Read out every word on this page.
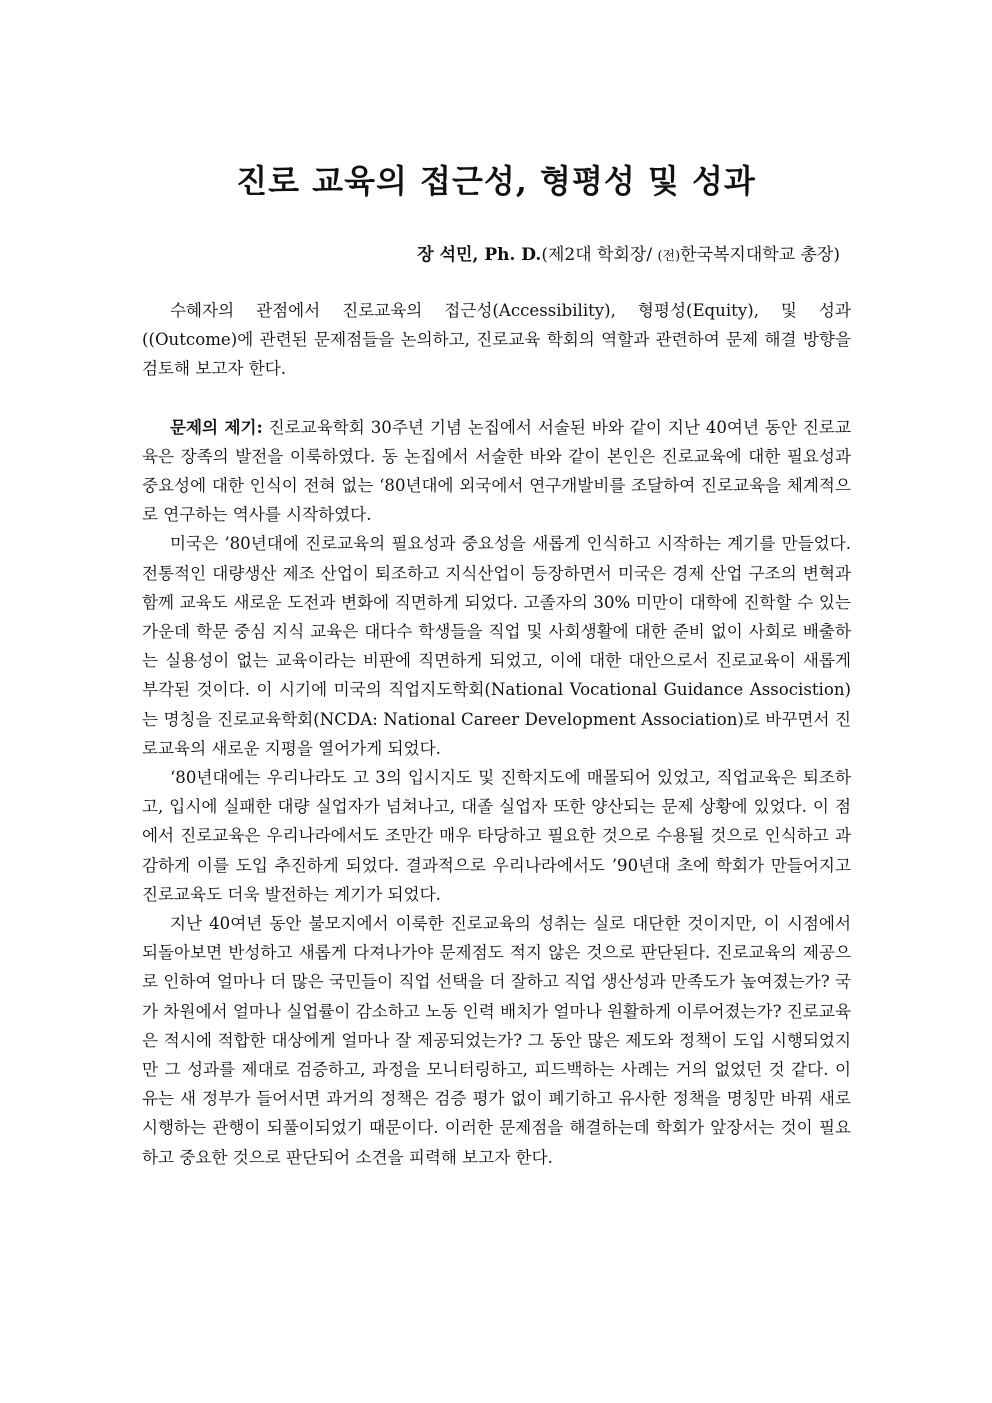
진로 교육의 접근성, 형평성 및 성과
장 석민, Ph. D.(제2대 학회장/ (전)한국복지대학교 총장)

수혜자의 관점에서 진로교육의 접근성(Accessibility), 형평성(Equity), 및 성과 ((Outcome)에 관련된 문제점들을 논의하고, 진로교육 학회의 역할과 관련하여 문제 해결 방향을 검토해 보고자 한다.

문제의 제기: 진로교육학회 30주년 기념 논집에서 서술된 바와 같이 지난 40여년 동안 진로교육은 장족의 발전을 이룩하였다. 동 논집에서 서술한 바와 같이 본인은 진로교육에 대한 필요성과 중요성에 대한 인식이 전혀 없는 ‘80년대에 외국에서 연구개발비를 조달하여 진로교육을 체계적으로 연구하는 역사를 시작하였다.

미국은 ’80년대에 진로교육의 필요성과 중요성을 새롭게 인식하고 시작하는 계기를 만들었다. 전통적인 대량생산 제조 산업이 퇴조하고 지식산업이 등장하면서 미국은 경제 산업 구조의 변혁과 함께 교육도 새로운 도전과 변화에 직면하게 되었다. 고졸자의 30% 미만이 대학에 진학할 수 있는 가운데 학문 중심 지식 교육은 대다수 학생들을 직업 및 사회생활에 대한 준비 없이 사회로 배출하는 실용성이 없는 교육이라는 비판에 직면하게 되었고, 이에 대한 대안으로서 진로교육이 새롭게 부각된 것이다. 이 시기에 미국의 직업지도학회(National Vocational Guidance Associstion)는 명칭을 진로교육학회(NCDA: National Career Development Association)로 바꾸면서 진로교육의 새로운 지평을 열어가게 되었다.

‘80년대에는 우리나라도 고 3의 입시지도 및 진학지도에 매몰되어 있었고, 직업교육은 퇴조하고, 입시에 실패한 대량 실업자가 넘쳐나고, 대졸 실업자 또한 양산되는 문제 상황에 있었다. 이 점에서 진로교육은 우리나라에서도 조만간 매우 타당하고 필요한 것으로 수용될 것으로 인식하고 과감하게 이를 도입 추진하게 되었다. 결과적으로 우리나라에서도 ’90년대 초에 학회가 만들어지고 진로교육도 더욱 발전하는 계기가 되었다.

지난 40여년 동안 불모지에서 이룩한 진로교육의 성취는 실로 대단한 것이지만, 이 시점에서 되돌아보면 반성하고 새롭게 다져나가야 문제점도 적지 않은 것으로 판단된다. 진로교육의 제공으로 인하여 얼마나 더 많은 국민들이 직업 선택을 더 잘하고 직업 생산성과 만족도가 높여졌는가? 국가 차원에서 얼마나 실업률이 감소하고 노동 인력 배치가 얼마나 원활하게 이루어졌는가? 진로교육은 적시에 적합한 대상에게 얼마나 잘 제공되었는가? 그 동안 많은 제도와 정책이 도입 시행되었지만 그 성과를 제대로 검증하고, 과정을 모니터링하고, 피드백하는 사례는 거의 없었던 것 같다. 이유는 새 정부가 들어서면 과거의 정책은 검증 평가 없이 폐기하고 유사한 정책을 명칭만 바꿔 새로 시행하는 관행이 되풀이되었기 때문이다. 이러한 문제점을 해결하는데 학회가 앞장서는 것이 필요하고 중요한 것으로 판단되어 소견을 피력해 보고자 한다.
